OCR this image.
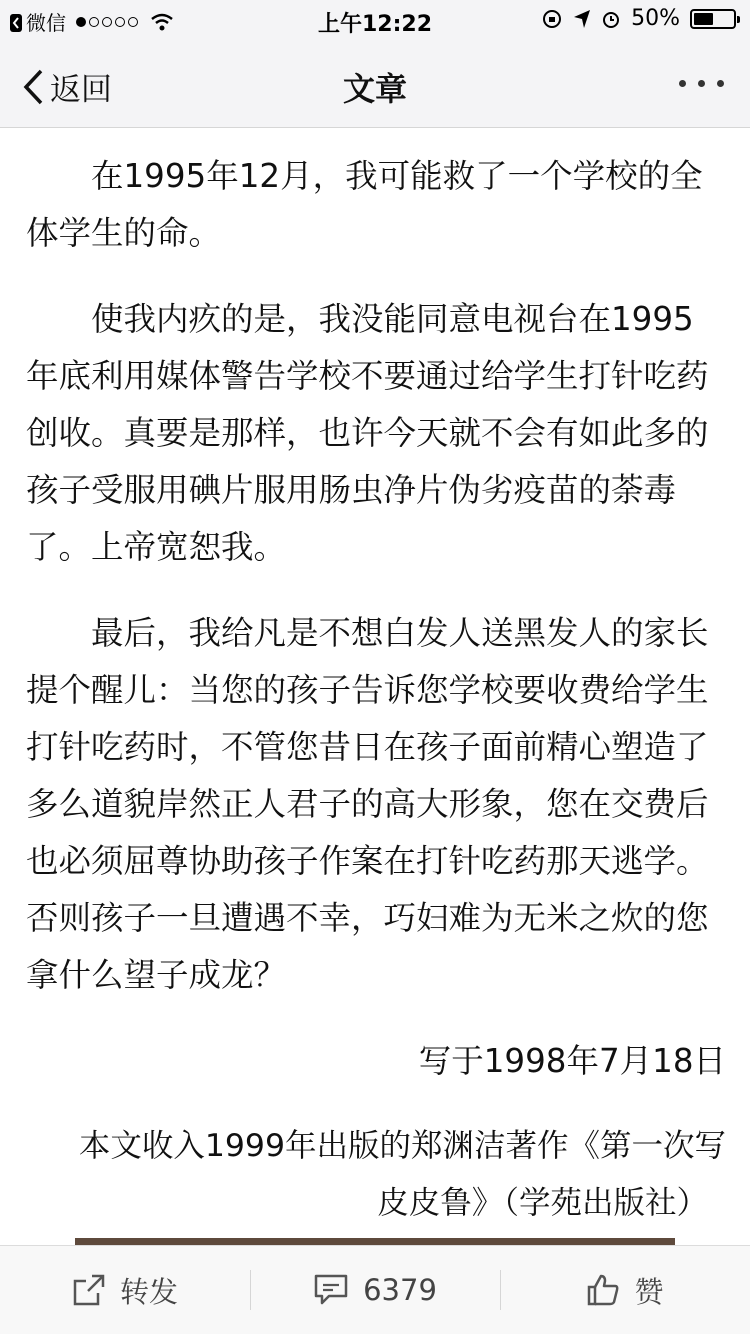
微信	上午12:22	50%
返回	文章

在1995年12月，我可能救了一个学校的全体学生的命。

使我内疚的是，我没能同意电视台在1995年底利用媒体警告学校不要通过给学生打针吃药创收。真要是那样，也许今天就不会有如此多的孩子受服用碘片服用肠虫净片伪劣疫苗的荼毒了。上帝宽恕我。

最后，我给凡是不想白发人送黑发人的家长提个醒儿：当您的孩子告诉您学校要收费给学生打针吃药时，不管您昔日在孩子面前精心塑造了多么道貌岸然正人君子的高大形象，您在交费后也必须屈尊协助孩子作案在打针吃药那天逃学。否则孩子一旦遭遇不幸，巧妇难为无米之炊的您拿什么望子成龙？

写于1998年7月18日
本文收入1999年出版的郑渊洁著作《第一次写
皮皮鲁》（学苑出版社）
转发	6379	赞
